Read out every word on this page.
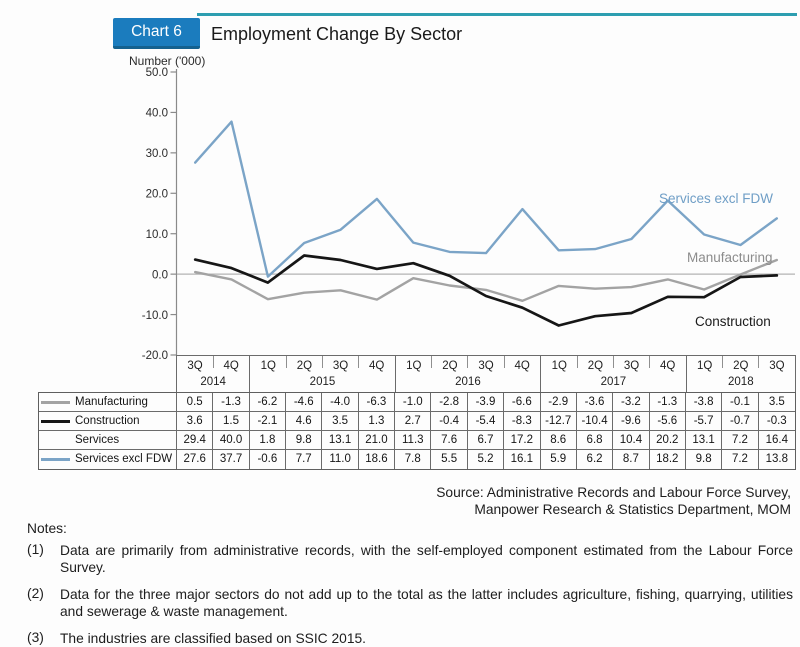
Chart 6	Employment Change By Sector
Number ('000)
50.0
40.0
30.0
20.0
10.0
0.0
-10.0
-20.0
Services excl FDW
Manufacturing
Construction
3Q	4Q
2014
1Q	2Q	3Q	4Q
2015
1Q	2Q	3Q	4Q
2016
1Q	2Q	3Q	4Q
2017
1Q	2Q	3Q
2018
Manufacturing	0.5	-1.3	-6.2	-4.6	-4.0	-6.3	-1.0	-2.8	-3.9	-6.6	-2.9	-3.6	-3.2	-1.3	-3.8	-0.1	3.5
Construction	3.6	1.5	-2.1	4.6	3.5	1.3	2.7	-0.4	-5.4	-8.3	-12.7 -10.4	-9.6	-5.6	-5.7	-0.7	-0.3
Services	29.4	40.0	1.8	9.8	13.1	21.0	11.3	7.6	6.7	17.2	8.6	6.8	10.4	20.2	13.1	7.2	16.4
Services excl FDW 27.6	37.7	-0.6	7.7	11.0	18.6	7.8	5.5	5.2	16.1	5.9	6.2	8.7	18.2	9.8	7.2	13.8
Source: Administrative Records and Labour Force Survey,
Manpower Research & Statistics Department, MOM
Notes:
(1)	Data are primarily from administrative records, with the self-employed component estimated from the Labour Force Survey.
(2)	Data for the three major sectors do not add up to the total as the latter includes agriculture, fishing, quarrying, utilities and sewerage & waste management.
(3)	The industries are classified based on SSIC 2015.
